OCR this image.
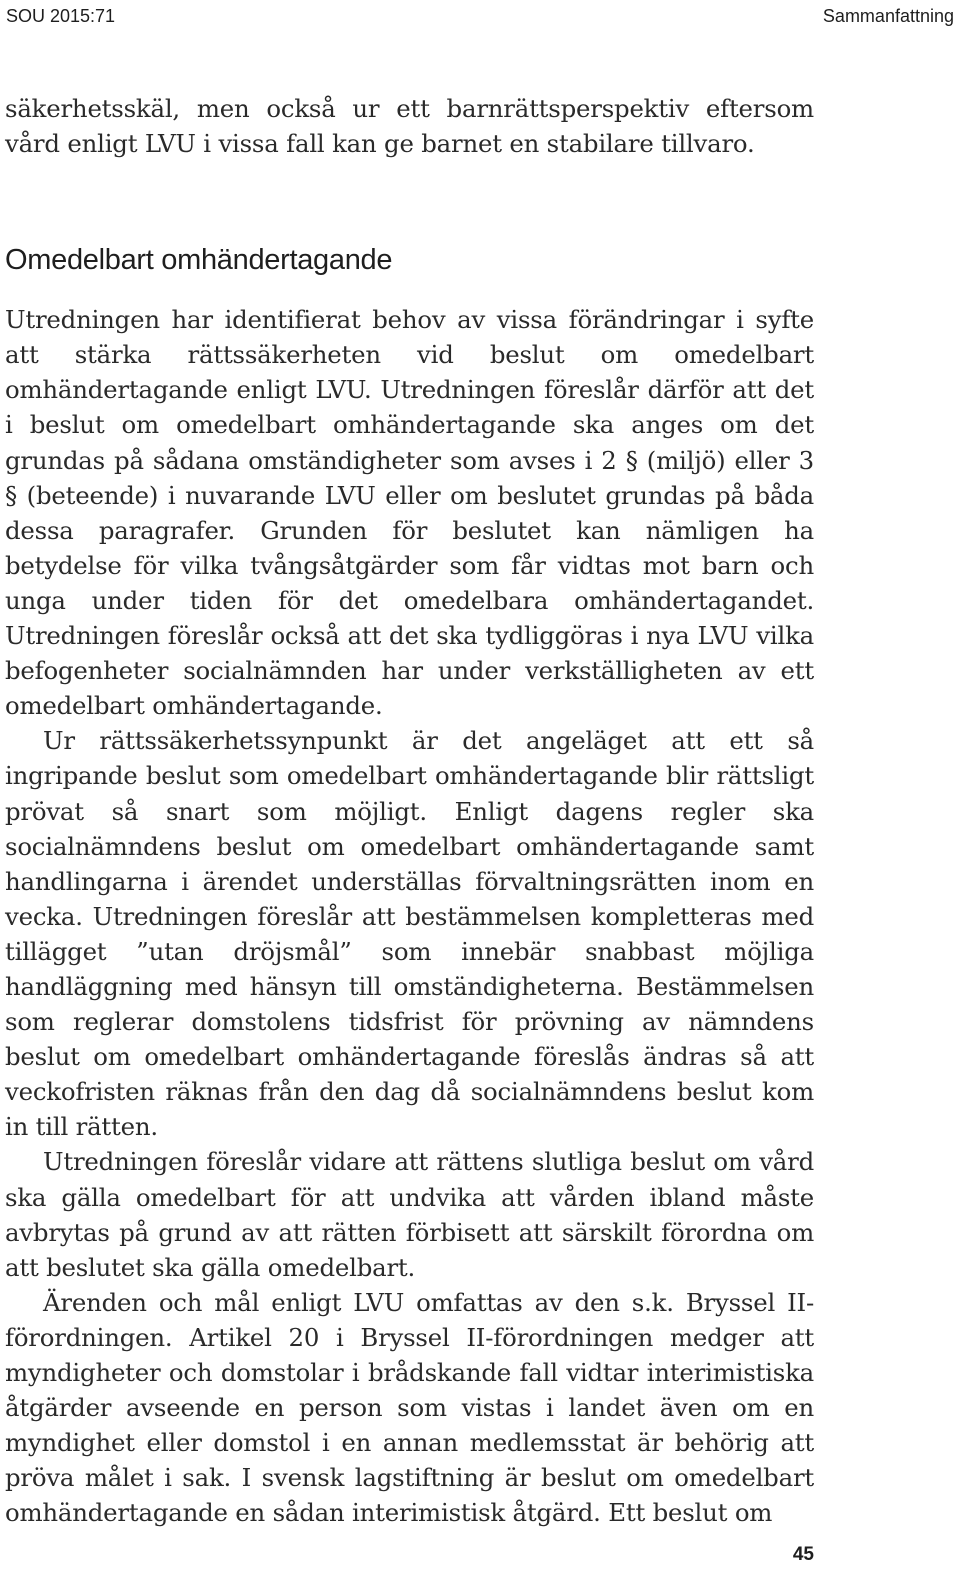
SOU 2015:71	Sammanfattning

säkerhetsskäl, men också ur ett barnrättsperspektiv eftersom vård enligt LVU i vissa fall kan ge barnet en stabilare tillvaro.

Omedelbart omhändertagande

Utredningen har identifierat behov av vissa förändringar i syfte att stärka rättssäkerheten vid beslut om omedelbart omhändertagande enligt LVU. Utredningen föreslår därför att det i beslut om omedelbart omhändertagande ska anges om det grundas på sådana omständigheter som avses i 2 § (miljö) eller 3 § (beteende) i nuvarande LVU eller om beslutet grundas på båda dessa paragrafer. Grunden för beslutet kan nämligen ha betydelse för vilka tvångsåtgärder som får vidtas mot barn och unga under tiden för det omedelbara omhändertagandet. Utredningen föreslår också att det ska tydliggöras i nya LVU vilka befogenheter socialnämnden har under verkställigheten av ett omedelbart omhändertagande.

Ur rättssäkerhetssynpunkt är det angeläget att ett så ingripande beslut som omedelbart omhändertagande blir rättsligt prövat så snart som möjligt. Enligt dagens regler ska socialnämndens beslut om omedelbart omhändertagande samt handlingarna i ärendet underställas förvaltningsrätten inom en vecka. Utredningen föreslår att bestämmelsen kompletteras med tillägget ”utan dröjsmål” som innebär snabbast möjliga handläggning med hänsyn till omständigheterna. Bestämmelsen som reglerar domstolens tidsfrist för prövning av nämndens beslut om omedelbart omhändertagande föreslås ändras så att veckofristen räknas från den dag då socialnämndens beslut kom in till rätten.

Utredningen föreslår vidare att rättens slutliga beslut om vård ska gälla omedelbart för att undvika att vården ibland måste avbrytas på grund av att rätten förbisett att särskilt förordna om att beslutet ska gälla omedelbart.

Ärenden och mål enligt LVU omfattas av den s.k. Bryssel II-förordningen. Artikel 20 i Bryssel II-förordningen medger att myndigheter och domstolar i brådskande fall vidtar interimistiska åtgärder avseende en person som vistas i landet även om en myndighet eller domstol i en annan medlemsstat är behörig att pröva målet i sak. I svensk lagstiftning är beslut om omedelbart omhändertagande en sådan interimistisk åtgärd. Ett beslut om

45
